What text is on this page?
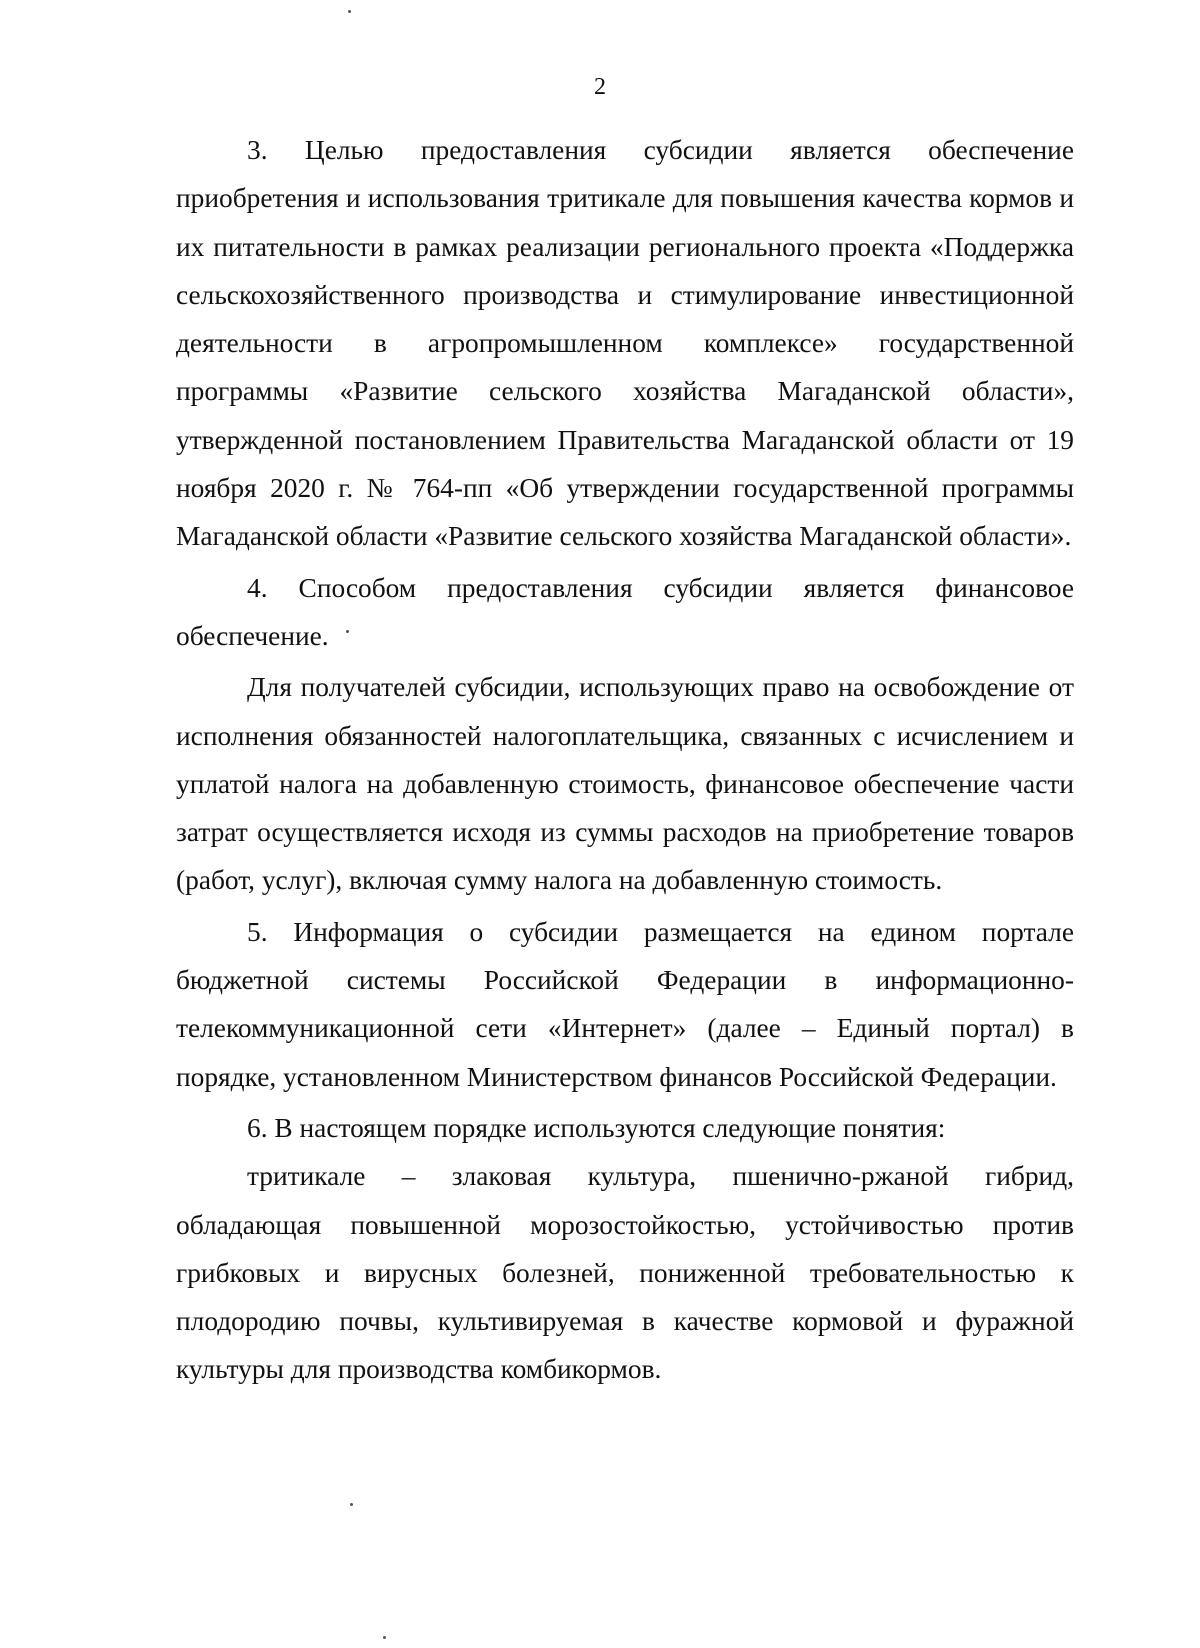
2

3. Целью предоставления субсидии является обеспечение приобретения и использования тритикале для повышения качества кормов и их питательности в рамках реализации регионального проекта «Поддержка сельскохозяйственного производства и стимулирование инвестиционной деятельности в агропромышленном комплексе» государственной программы «Развитие сельского хозяйства Магаданской области», утвержденной постановлением Правительства Магаданской области от 19 ноября 2020 г. № 764-пп «Об утверждении государственной программы Магаданской области «Развитие сельского хозяйства Магаданской области».

4. Способом предоставления субсидии является финансовое обеспечение.

Для получателей субсидии, использующих право на освобождение от исполнения обязанностей налогоплательщика, связанных с исчислением и уплатой налога на добавленную стоимость, финансовое обеспечение части затрат осуществляется исходя из суммы расходов на приобретение товаров (работ, услуг), включая сумму налога на добавленную стоимость.

5. Информация о субсидии размещается на едином портале бюджетной системы Российской Федерации в информационно-телекоммуникационной сети «Интернет» (далее – Единый портал) в порядке, установленном Министерством финансов Российской Федерации.

6. В настоящем порядке используются следующие понятия:

тритикале – злаковая культура, пшенично-ржаной гибрид, обладающая повышенной морозостойкостью, устойчивостью против грибковых и вирусных болезней, пониженной требовательностью к плодородию почвы, культивируемая в качестве кормовой и фуражной культуры для производства комбикормов.
